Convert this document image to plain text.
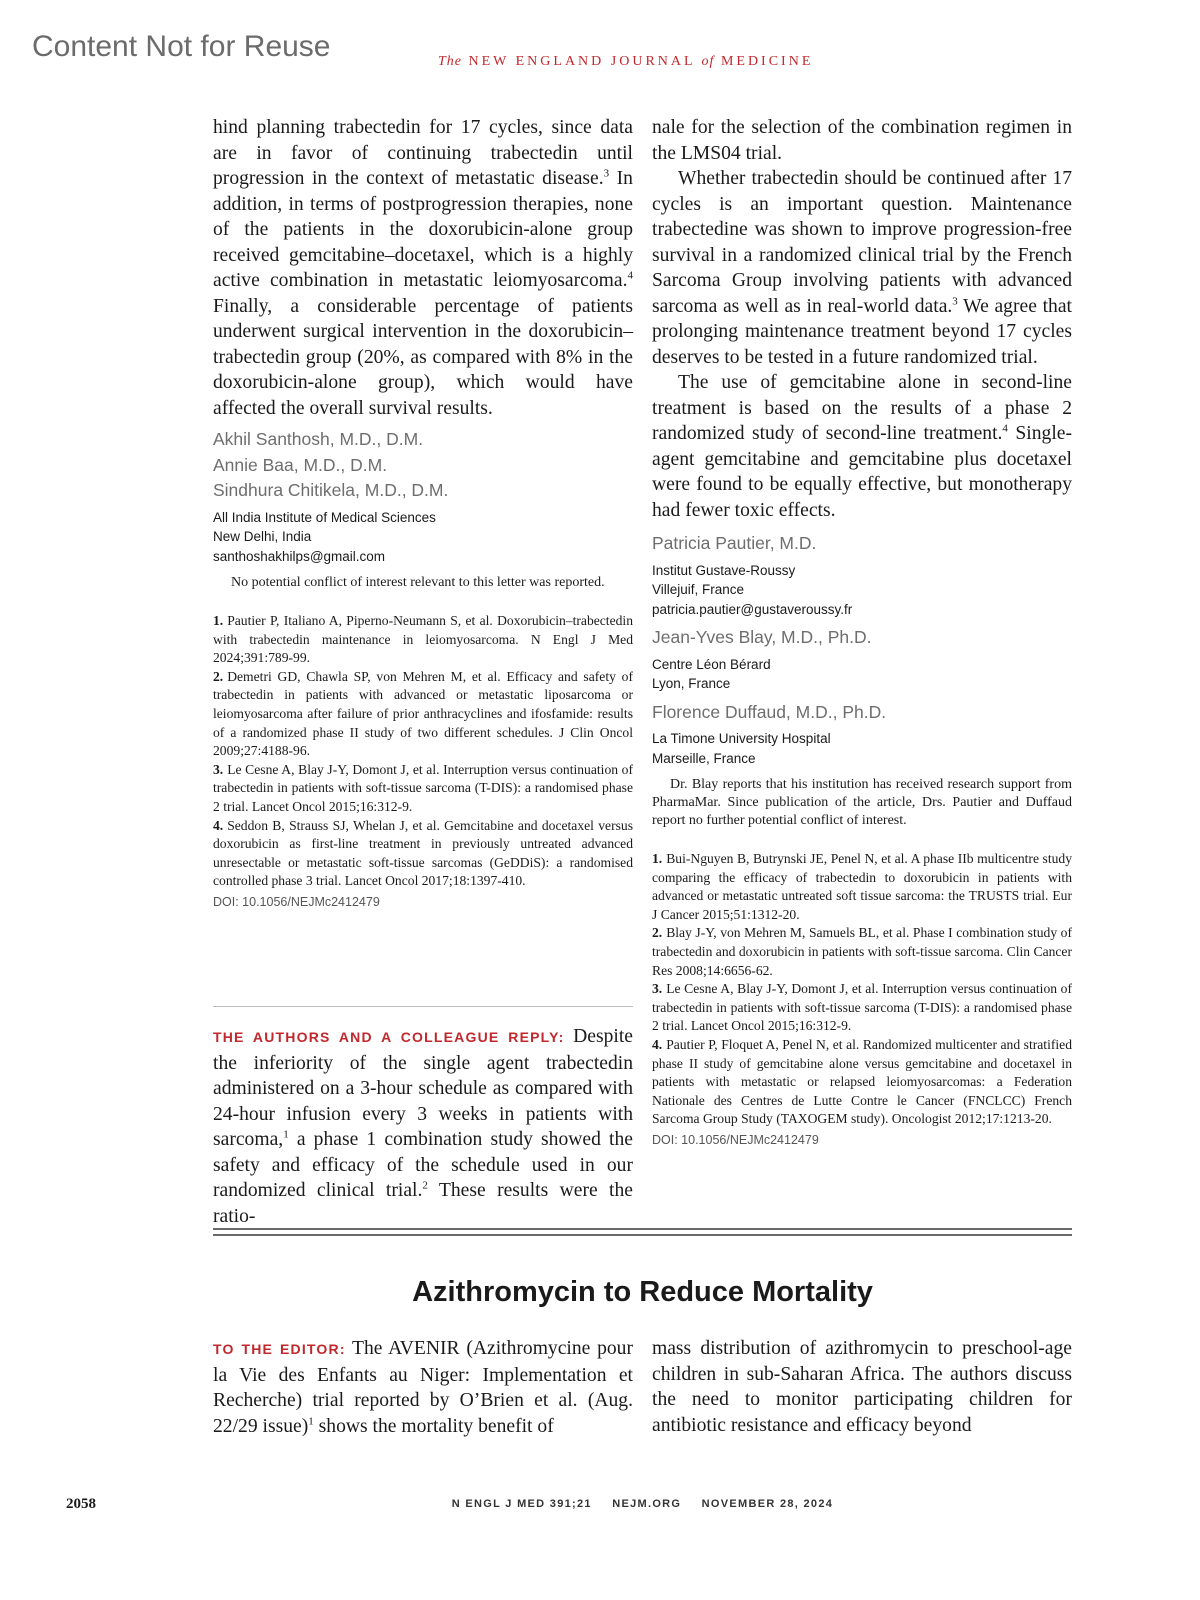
Content Not for Reuse	The NEW ENGLAND JOURNAL of MEDICINE

hind planning trabectedin for 17 cycles, since data are in favor of continuing trabectedin until progression in the context of metastatic disease.$^3$ In addition, in terms of postprogression therapies, none of the patients in the doxorubicin-alone group received gemcitabine–docetaxel, which is a highly active combination in metastatic leiomyosarcoma.$^4$ Finally, a considerable percentage of patients underwent surgical intervention in the doxorubicin–trabectedin group (20%, as compared with 8% in the doxorubicin-alone group), which would have affected the overall survival results.

Akhil Santhosh, M.D., D.M.

Annie Baa, M.D., D.M.

Sindhura Chitikela, M.D., D.M.

All India Institute of Medical Sciences

New Delhi, India

santhoshakhilps@gmail.com

No potential conflict of interest relevant to this letter was reported.

1. Pautier P, Italiano A, Piperno-Neumann S, et al. Doxorubicin–trabectedin with trabectedin maintenance in leiomyosarcoma. N Engl J Med 2024;391:789-99.
2. Demetri GD, Chawla SP, von Mehren M, et al. Efficacy and safety of trabectedin in patients with advanced or metastatic liposarcoma or leiomyosarcoma after failure of prior anthracyclines and ifosfamide: results of a randomized phase II study of two different schedules. J Clin Oncol 2009;27:4188-96.
3. Le Cesne A, Blay J-Y, Domont J, et al. Interruption versus continuation of trabectedin in patients with soft-tissue sarcoma (T-DIS): a randomised phase 2 trial. Lancet Oncol 2015;16:312-9.
4. Seddon B, Strauss SJ, Whelan J, et al. Gemcitabine and docetaxel versus doxorubicin as first-line treatment in previously untreated advanced unresectable or metastatic soft-tissue sarcomas (GeDDiS): a randomised controlled phase 3 trial. Lancet Oncol 2017;18:1397-410.

DOI: 10.1056/NEJMc2412479

THE AUTHORS AND A COLLEAGUE REPLY: Despite the inferiority of the single agent trabectedin administered on a 3-hour schedule as compared with 24-hour infusion every 3 weeks in patients with sarcoma,$^1$ a phase 1 combination study showed the safety and efficacy of the schedule used in our randomized clinical trial.$^2$ These results were the ratio-

nale for the selection of the combination regimen in the LMS04 trial.

Whether trabectedin should be continued after 17 cycles is an important question. Maintenance trabectedine was shown to improve progression-free survival in a randomized clinical trial by the French Sarcoma Group involving patients with advanced sarcoma as well as in real-world data.$^3$ We agree that prolonging maintenance treatment beyond 17 cycles deserves to be tested in a future randomized trial.

The use of gemcitabine alone in second-line treatment is based on the results of a phase 2 randomized study of second-line treatment.$^4$ Single-agent gemcitabine and gemcitabine plus docetaxel were found to be equally effective, but monotherapy had fewer toxic effects.

Patricia Pautier, M.D.

Institut Gustave-Roussy

Villejuif, France

patricia.pautier@gustaveroussy.fr

Jean-Yves Blay, M.D., Ph.D.

Centre Léon Bérard

Lyon, France

Florence Duffaud, M.D., Ph.D.

La Timone University Hospital

Marseille, France

Dr. Blay reports that his institution has received research support from PharmaMar. Since publication of the article, Drs. Pautier and Duffaud report no further potential conflict of interest.

1. Bui-Nguyen B, Butrynski JE, Penel N, et al. A phase IIb multicentre study comparing the efficacy of trabectedin to doxorubicin in patients with advanced or metastatic untreated soft tissue sarcoma: the TRUSTS trial. Eur J Cancer 2015;51:1312-20.
2. Blay J-Y, von Mehren M, Samuels BL, et al. Phase I combination study of trabectedin and doxorubicin in patients with soft-tissue sarcoma. Clin Cancer Res 2008;14:6656-62.
3. Le Cesne A, Blay J-Y, Domont J, et al. Interruption versus continuation of trabectedin in patients with soft-tissue sarcoma (T-DIS): a randomised phase 2 trial. Lancet Oncol 2015;16:312-9.
4. Pautier P, Floquet A, Penel N, et al. Randomized multicenter and stratified phase II study of gemcitabine alone versus gemcitabine and docetaxel in patients with metastatic or relapsed leiomyosarcomas: a Federation Nationale des Centres de Lutte Contre le Cancer (FNCLCC) French Sarcoma Group Study (TAXOGEM study). Oncologist 2012;17:1213-20.

DOI: 10.1056/NEJMc2412479

Azithromycin to Reduce Mortality

TO THE EDITOR: The AVENIR (Azithromycine pour la Vie des Enfants au Niger: Implementation et Recherche) trial reported by O’Brien et al. (Aug. 22/29 issue)$^1$ shows the mortality benefit of

mass distribution of azithromycin to preschool-age children in sub-Saharan Africa. The authors discuss the need to monitor participating children for antibiotic resistance and efficacy beyond

2058	N ENGL J MED 391;21 NEJM.ORG NOVEMBER 28, 2024
